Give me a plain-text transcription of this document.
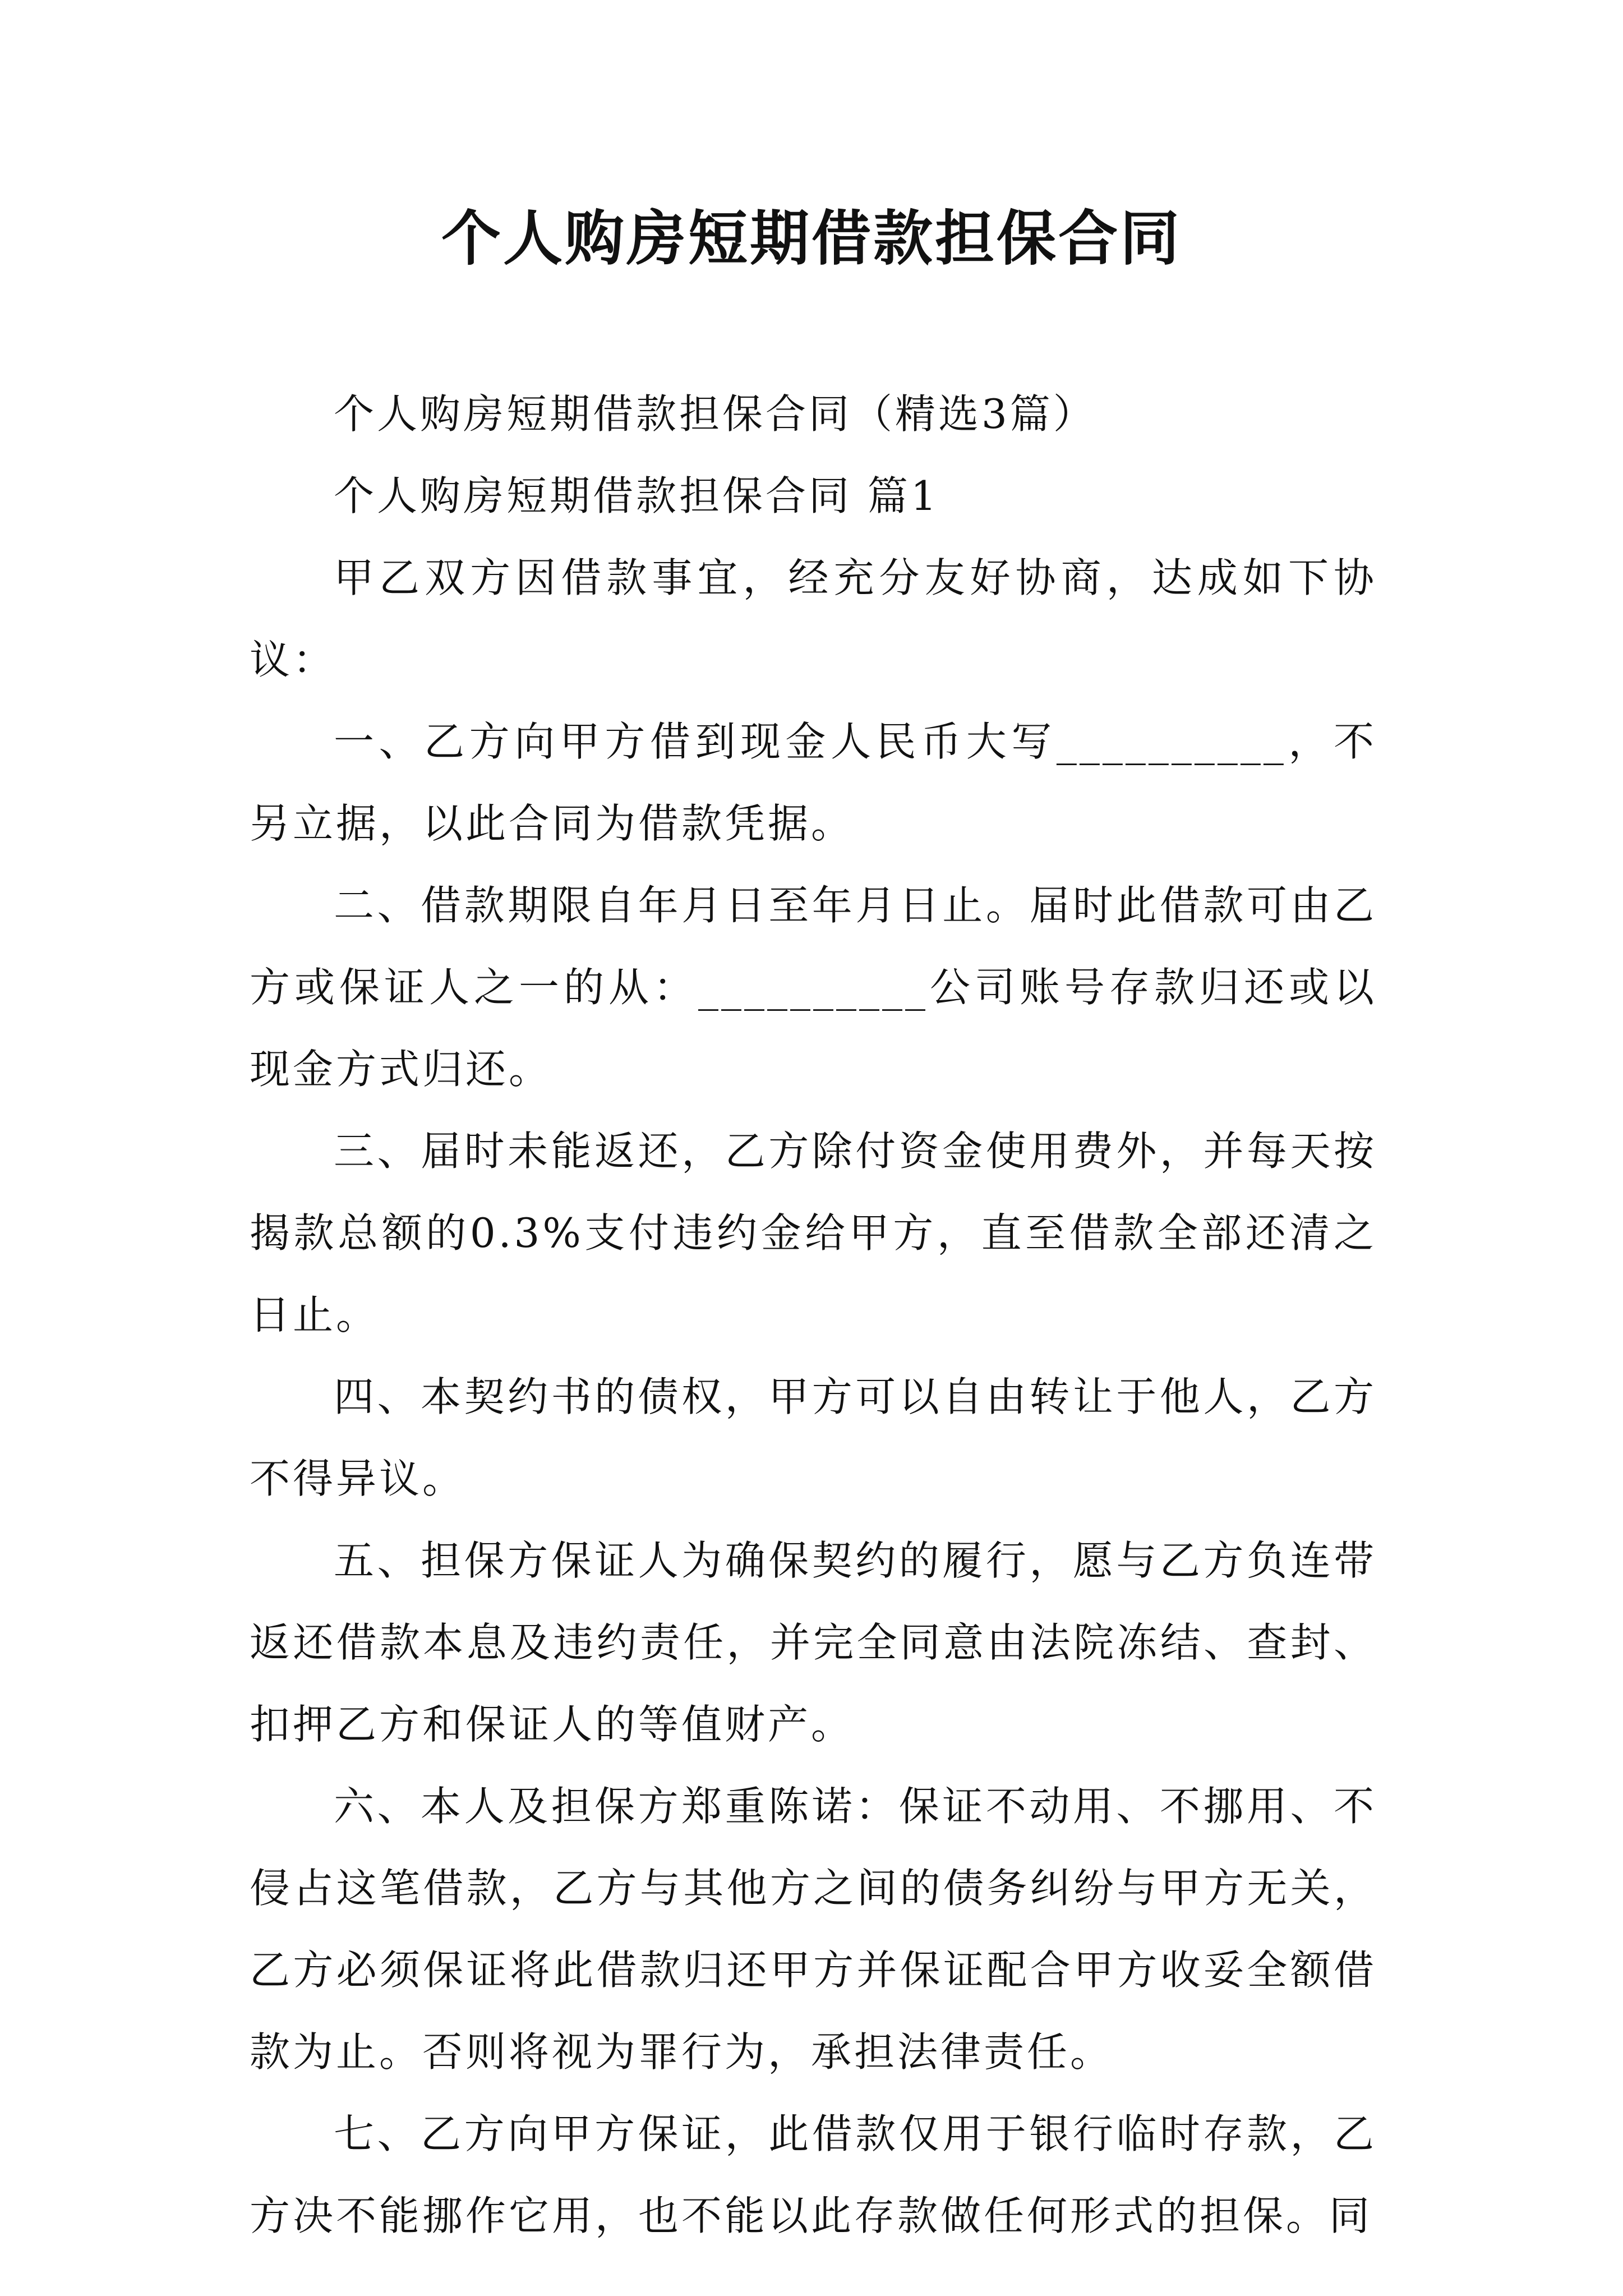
个人购房短期借款担保合同

个人购房短期借款担保合同（精选3篇）

个人购房短期借款担保合同 篇1

甲乙双方因借款事宜，经充分友好协商，达成如下协议：

一、乙方向甲方借到现金人民币大写__________，不另立据，以此合同为借款凭据。

二、借款期限自年月日至年月日止。届时此借款可由乙方或保证人之一的从：__________公司账号存款归还或以现金方式归还。

三、届时未能返还，乙方除付资金使用费外，并每天按揭款总额的0.3%支付违约金给甲方，直至借款全部还清之日止。

四、本契约书的债权，甲方可以自由转让于他人，乙方不得异议。

五、担保方保证人为确保契约的履行，愿与乙方负连带返还借款本息及违约责任，并完全同意由法院冻结、查封、扣押乙方和保证人的等值财产。

六、本人及担保方郑重陈诺：保证不动用、不挪用、不侵占这笔借款，乙方与其他方之间的债务纠纷与甲方无关，乙方必须保证将此借款归还甲方并保证配合甲方收妥全额借款为止。否则将视为罪行为，承担法律责任。

七、乙方向甲方保证，此借款仅用于银行临时存款，乙方决不能挪作它用，也不能以此存款做任何形式的担保。同
